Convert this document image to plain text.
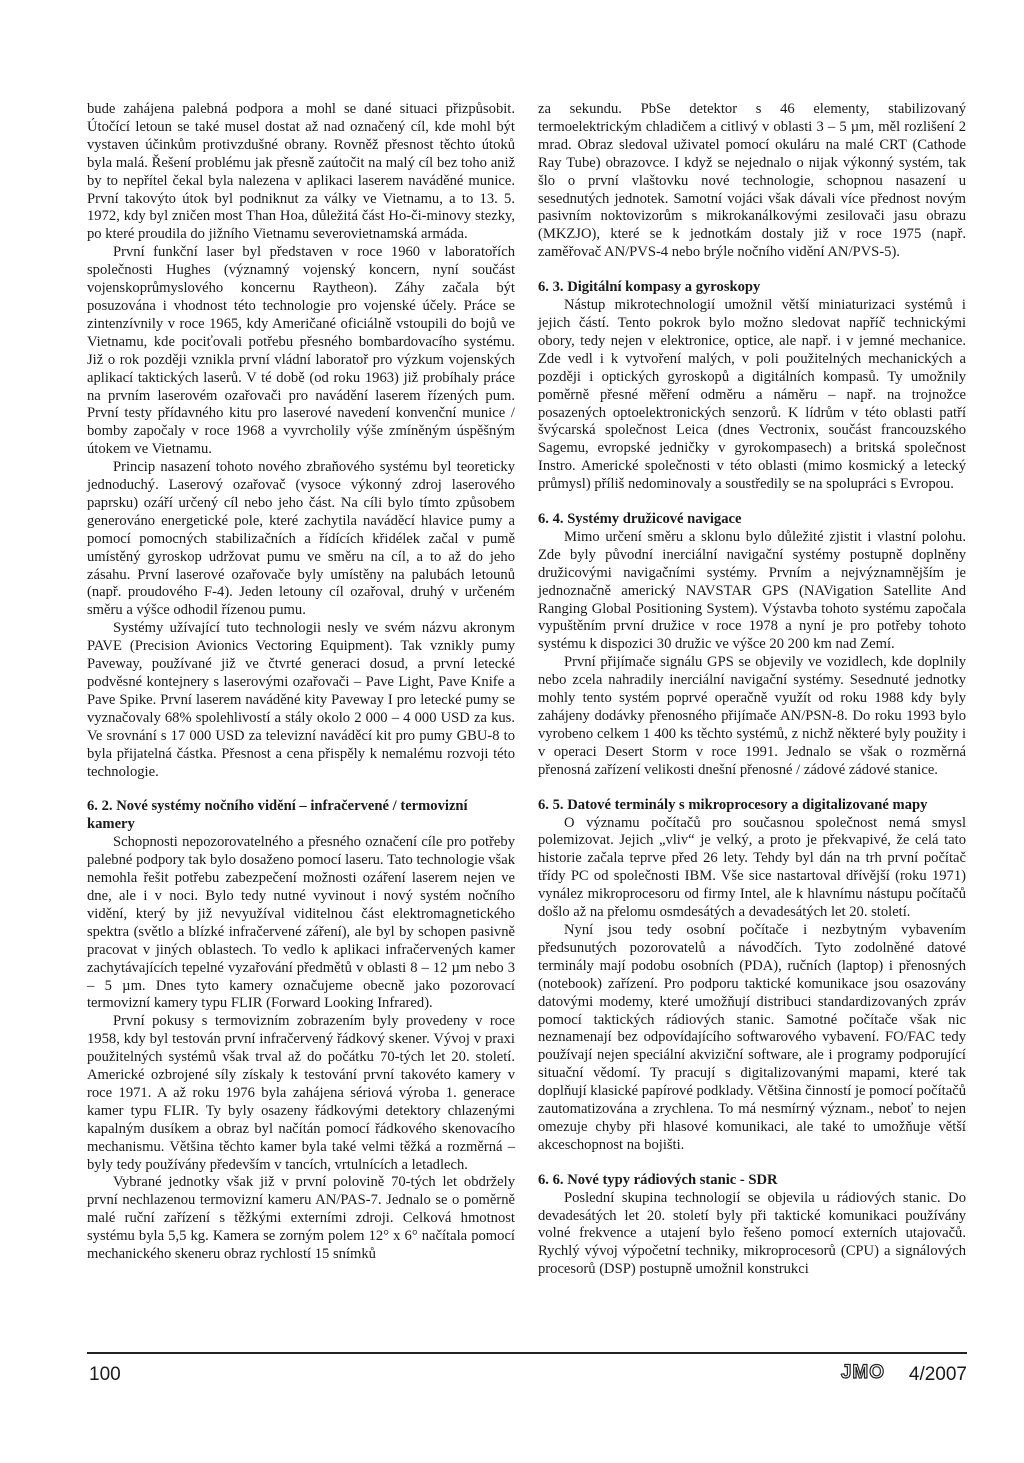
bude zahájena palebná podpora a mohl se dané situaci přizpůsobit. Útočící letoun se také musel dostat až nad označený cíl, kde mohl být vystaven účinkům protivzdušné obrany. Rovněž přesnost těchto útoků byla malá. Řešení problému jak přesně zaútočit na malý cíl bez toho aniž by to nepřítel čekal byla nalezena v aplikaci laserem naváděné munice. První takovýto útok byl podniknut za války ve Vietnamu, a to 13. 5. 1972, kdy byl zničen most Than Hoa, důležitá část Ho-či-minovy stezky, po které proudila do jižního Vietnamu severovietnamská armáda.

První funkční laser byl představen v roce 1960 v laboratořích společnosti Hughes (významný vojenský koncern, nyní součást vojenskoprůmyslového koncernu Raytheon). Záhy začala být posuzována i vhodnost této technologie pro vojenské účely. Práce se zintenzívnily v roce 1965, kdy Američané oficiálně vstoupili do bojů ve Vietnamu, kde pociťovali potřebu přesného bombardovacího systému. Již o rok později vznikla první vládní laboratoř pro výzkum vojenských aplikací taktických laserů. V té době (od roku 1963) již probíhaly práce na prvním laserovém ozařovači pro navádění laserem řízených pum. První testy přídavného kitu pro laserové navedení konvenční munice / bomby započaly v roce 1968 a vyvrcholily výše zmíněným úspěšným útokem ve Vietnamu.

Princip nasazení tohoto nového zbraňového systému byl teoreticky jednoduchý. Laserový ozařovač (vysoce výkonný zdroj laserového paprsku) ozáří určený cíl nebo jeho část. Na cíli bylo tímto způsobem generováno energetické pole, které zachytila naváděcí hlavice pumy a pomocí pomocných stabilizačních a řídících křidélek začal v pumě umístěný gyroskop udržovat pumu ve směru na cíl, a to až do jeho zásahu. První laserové ozařovače byly umístěny na palubách letounů (např. proudového F-4). Jeden letouny cíl ozařoval, druhý v určeném směru a výšce odhodil řízenou pumu.

Systémy užívající tuto technologii nesly ve svém názvu akronym PAVE (Precision Avionics Vectoring Equipment). Tak vznikly pumy Paveway, používané již ve čtvrté generaci dosud, a první letecké podvěsné kontejnery s laserovými ozařovači – Pave Light, Pave Knife a Pave Spike. První laserem naváděné kity Paveway I pro letecké pumy se vyznačovaly 68% spolehlivostí a stály okolo 2 000 – 4 000 USD za kus. Ve srovnání s 17 000 USD za televizní naváděcí kit pro pumy GBU-8 to byla přijatelná částka. Přesnost a cena přispěly k nemalému rozvoji této technologie.

6. 2. Nové systémy nočního vidění – infračervené / termovizní kamery

Schopnosti nepozorovatelného a přesného označení cíle pro potřeby palebné podpory tak bylo dosaženo pomocí laseru. Tato technologie však nemohla řešit potřebu zabezpečení možnosti ozáření laserem nejen ve dne, ale i v noci. Bylo tedy nutné vyvinout i nový systém nočního vidění, který by již nevyužíval viditelnou část elektromagnetického spektra (světlo a blízké infračervené záření), ale byl by schopen pasivně pracovat v jiných oblastech. To vedlo k aplikaci infračervených kamer zachytávajících tepelné vyzařování předmětů v oblasti 8 – 12 µm nebo 3 – 5 µm. Dnes tyto kamery označujeme obecně jako pozorovací termovizní kamery typu FLIR (Forward Looking Infrared).

První pokusy s termovizním zobrazením byly provedeny v roce 1958, kdy byl testován první infračervený řádkový skener. Vývoj v praxi použitelných systémů však trval až do počátku 70-tých let 20. století. Americké ozbrojené síly získaly k testování první takovéto kamery v roce 1971. A až roku 1976 byla zahájena sériová výroba 1. generace kamer typu FLIR. Ty byly osazeny řádkovými detektory chlazenými kapalným dusíkem a obraz byl načítán pomocí řádkového skenovacího mechanismu. Většina těchto kamer byla také velmi těžká a rozměrná – byly tedy používány především v tancích, vrtulnících a letadlech.

Vybrané jednotky však již v první polovině 70-tých let obdržely první nechlazenou termovizní kameru AN/PAS-7. Jednalo se o poměrně malé ruční zařízení s těžkými externími zdroji. Celková hmotnost systému byla 5,5 kg. Kamera se zorným polem 12° x 6° načítala pomocí mechanického skeneru obraz rychlostí 15 snímků

za sekundu. PbSe detektor s 46 elementy, stabilizovaný termoelektrickým chladičem a citlivý v oblasti 3 – 5 µm, měl rozlišení 2 mrad. Obraz sledoval uživatel pomocí okuláru na malé CRT (Cathode Ray Tube) obrazovce. I když se nejednalo o nijak výkonný systém, tak šlo o první vlaštovku nové technologie, schopnou nasazení u sesednutých jednotek. Samotní vojáci však dávali více přednost novým pasivním noktovizorům s mikrokanálkovými zesilovači jasu obrazu (MKZJO), které se k jednotkám dostaly již v roce 1975 (např. zaměřovač AN/PVS-4 nebo brýle nočního vidění AN/PVS-5).

6. 3. Digitální kompasy a gyroskopy

Nástup mikrotechnologií umožnil větší miniaturizaci systémů i jejich částí. Tento pokrok bylo možno sledovat napříč technickými obory, tedy nejen v elektronice, optice, ale např. i v jemné mechanice. Zde vedl i k vytvoření malých, v poli použitelných mechanických a později i optických gyroskopů a digitálních kompasů. Ty umožnily poměrně přesné měření odměru a náměru – např. na trojnožce posazených optoelektronických senzorů. K lídrům v této oblasti patří švýcarská společnost Leica (dnes Vectronix, součást francouzského Sagemu, evropské jedničky v gyrokompasech) a britská společnost Instro. Americké společnosti v této oblasti (mimo kosmický a letecký průmysl) příliš nedominovaly a soustředily se na spolupráci s Evropou.

6. 4. Systémy družicové navigace

Mimo určení směru a sklonu bylo důležité zjistit i vlastní polohu. Zde byly původní inerciální navigační systémy postupně doplněny družicovými navigačními systémy. Prvním a nejvýznamnějším je jednoznačně americký NAVSTAR GPS (NAVigation Satellite And Ranging Global Positioning System). Výstavba tohoto systému započala vypuštěním první družice v roce 1978 a nyní je pro potřeby tohoto systému k dispozici 30 družic ve výšce 20 200 km nad Zemí.

První přijímače signálu GPS se objevily ve vozidlech, kde doplnily nebo zcela nahradily inerciální navigační systémy. Sesednuté jednotky mohly tento systém poprvé operačně využít od roku 1988 kdy byly zahájeny dodávky přenosného přijímače AN/PSN-8. Do roku 1993 bylo vyrobeno celkem 1 400 ks těchto systémů, z nichž některé byly použity i v operaci Desert Storm v roce 1991. Jednalo se však o rozměrná přenosná zařízení velikosti dnešní přenosné / zádové zádové stanice.

6. 5. Datové terminály s mikroprocesory a digitalizované mapy

O významu počítačů pro současnou společnost nemá smysl polemizovat. Jejich „vliv“ je velký, a proto je překvapivé, že celá tato historie začala teprve před 26 lety. Tehdy byl dán na trh první počítač třídy PC od společnosti IBM. Vše sice nastartoval dřívější (roku 1971) vynález mikroprocesoru od firmy Intel, ale k hlavnímu nástupu počítačů došlo až na přelomu osmdesátých a devadesátých let 20. století.

Nyní jsou tedy osobní počítače i nezbytným vybavením předsunutých pozorovatelů a návodčích. Tyto zodolněné datové terminály mají podobu osobních (PDA), ručních (laptop) i přenosných (notebook) zařízení. Pro podporu taktické komunikace jsou osazovány datovými modemy, které umožňují distribuci standardizovaných zpráv pomocí taktických rádiových stanic. Samotné počítače však nic neznamenají bez odpovídajícího softwarového vybavení. FO/FAC tedy používají nejen speciální akviziční software, ale i programy podporující situační vědomí. Ty pracují s digitalizovanými mapami, které tak doplňují klasické papírové podklady. Většina činností je pomocí počítačů zautomatizována a zrychlena. To má nesmírný význam., neboť to nejen omezuje chyby při hlasové komunikaci, ale také to umožňuje větší akceschopnost na bojišti.

6. 6. Nové typy rádiových stanic - SDR

Poslední skupina technologií se objevila u rádiových stanic. Do devadesátých let 20. století byly při taktické komunikaci používány volné frekvence a utajení bylo řešeno pomocí externích utajovačů. Rychlý vývoj výpočetní techniky, mikroprocesorů (CPU) a signálových procesorů (DSP) postupně umožnil konstrukci

100	JMO 4/2007
